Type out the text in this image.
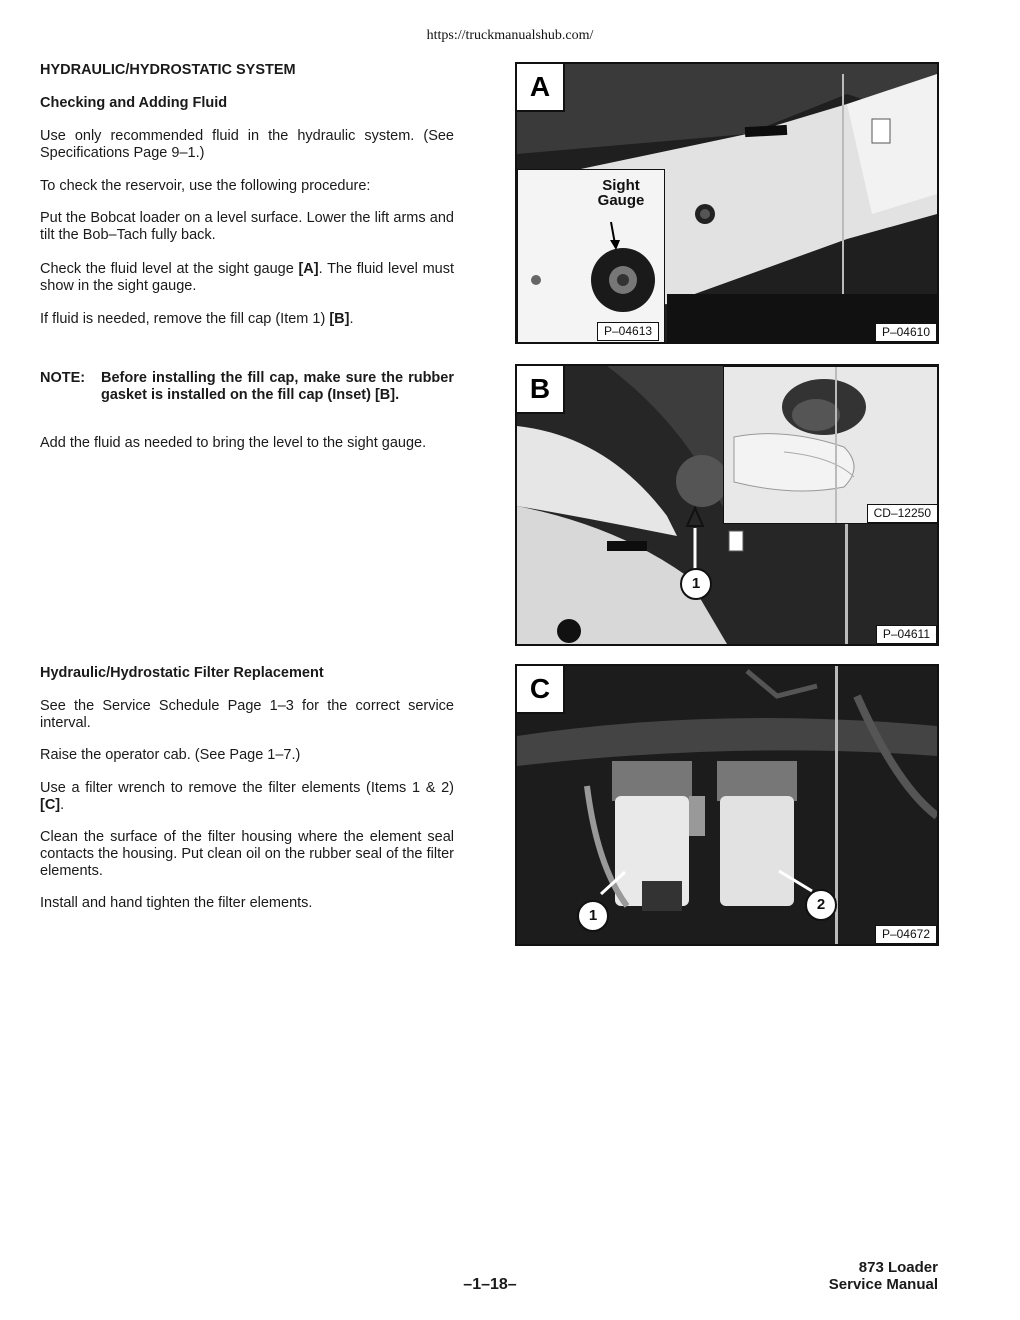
https://truckmanualshub.com/
HYDRAULIC/HYDROSTATIC SYSTEM
Checking and Adding Fluid

Use only recommended fluid in the hydraulic system. (See Specifications Page 9–1.)

To check the reservoir, use the following procedure:

Put the Bobcat loader on a level surface. Lower the lift arms and tilt the Bob–Tach fully back.

Check the fluid level at the sight gauge [A]. The fluid level must show in the sight gauge.

If fluid is needed, remove the fill cap (Item 1) [B].

NOTE: Before installing the fill cap, make sure the rubber gasket is installed on the fill cap (Inset) [B].

Add the fluid as needed to bring the level to the sight gauge.

Hydraulic/Hydrostatic Filter Replacement

See the Service Schedule Page 1–3 for the correct service interval.

Raise the operator cab. (See Page 1–7.)

Use a filter wrench to remove the filter elements (Items 1 & 2) [C].

Clean the surface of the filter housing where the element seal contacts the housing. Put clean oil on the rubber seal of the filter elements.

Install and hand tighten the filter elements.

Sight
Gauge
P–04613
A
P–04610
CD–12250
1
B
P–04611
1
2
C
P–04672
–1–18–
873 Loader
Service Manual
